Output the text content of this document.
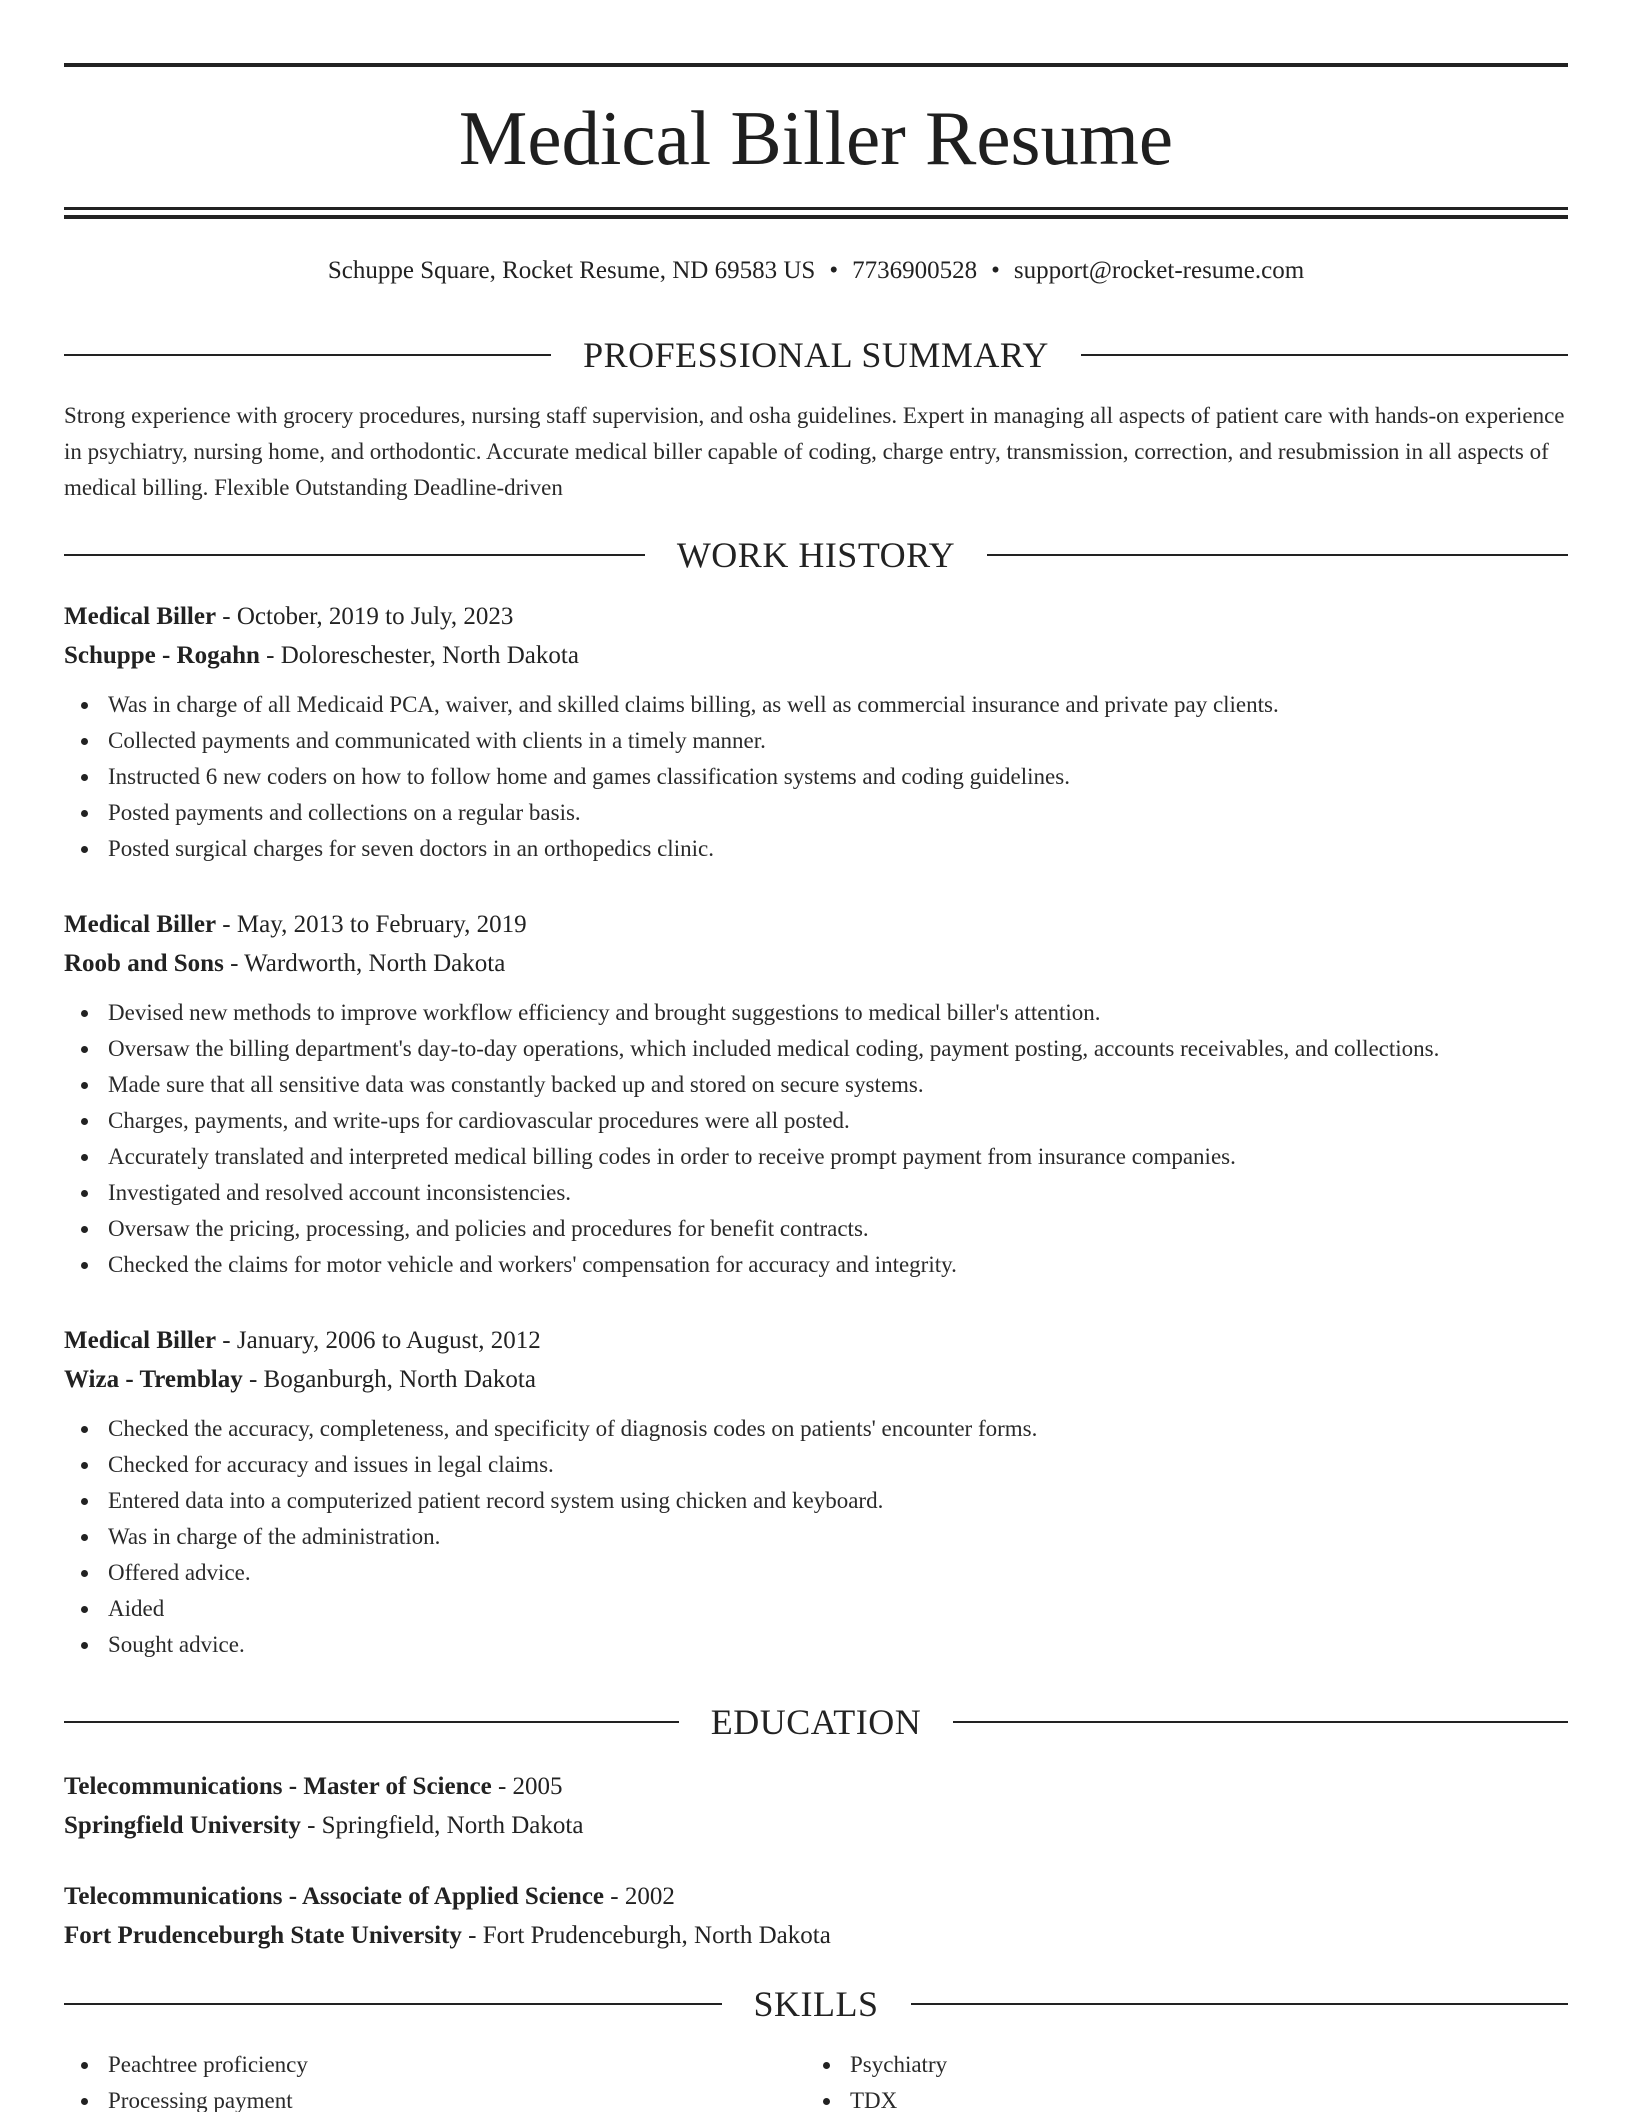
Medical Biller Resume
Schuppe Square, Rocket Resume, ND 69583 US • 7736900528 • support@rocket-resume.com
PROFESSIONAL SUMMARY

Strong experience with grocery procedures, nursing staff supervision, and osha guidelines. Expert in managing all aspects of patient care with hands-on experience in psychiatry, nursing home, and orthodontic. Accurate medical biller capable of coding, charge entry, transmission, correction, and resubmission in all aspects of medical billing. Flexible Outstanding Deadline-driven

WORK HISTORY
Medical Biller - October, 2019 to July, 2023
Schuppe - Rogahn - Doloreschester, North Dakota
Was in charge of all Medicaid PCA, waiver, and skilled claims billing, as well as commercial insurance and private pay clients.
Collected payments and communicated with clients in a timely manner.
Instructed 6 new coders on how to follow home and games classification systems and coding guidelines.
Posted payments and collections on a regular basis.
Posted surgical charges for seven doctors in an orthopedics clinic.
Medical Biller - May, 2013 to February, 2019
Roob and Sons - Wardworth, North Dakota
Devised new methods to improve workflow efficiency and brought suggestions to medical biller's attention.
Oversaw the billing department's day-to-day operations, which included medical coding, payment posting, accounts receivables, and collections.
Made sure that all sensitive data was constantly backed up and stored on secure systems.
Charges, payments, and write-ups for cardiovascular procedures were all posted.
Accurately translated and interpreted medical billing codes in order to receive prompt payment from insurance companies.
Investigated and resolved account inconsistencies.
Oversaw the pricing, processing, and policies and procedures for benefit contracts.
Checked the claims for motor vehicle and workers' compensation for accuracy and integrity.
Medical Biller - January, 2006 to August, 2012
Wiza - Tremblay - Boganburgh, North Dakota
Checked the accuracy, completeness, and specificity of diagnosis codes on patients' encounter forms.
Checked for accuracy and issues in legal claims.
Entered data into a computerized patient record system using chicken and keyboard.
Was in charge of the administration.
Offered advice.
Aided
Sought advice.
EDUCATION
Telecommunications - Master of Science - 2005
Springfield University - Springfield, North Dakota
Telecommunications - Associate of Applied Science - 2002
Fort Prudenceburgh State University - Fort Prudenceburgh, North Dakota
SKILLS
Peachtree proficiency
Processing payment
Psychiatry
TDX
